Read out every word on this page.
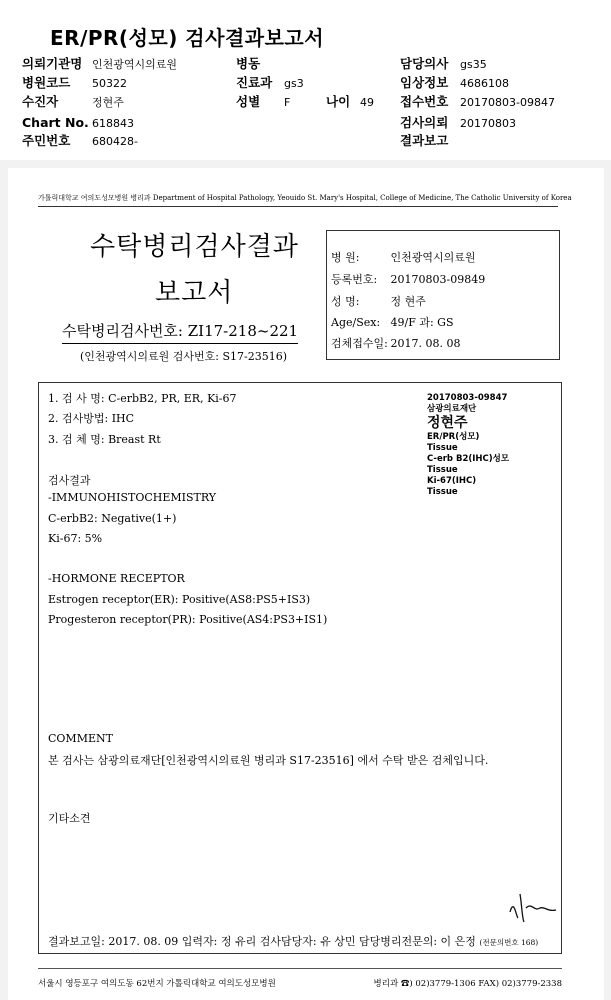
ER/PR(성모) 검사결과보고서
의뢰기관명 인천광역시의료원
병원코드 50322
수진자	정현주
Chart No. 618843
주민번호 680428-
병동
진료과 gs3
성별 F	나이 49
담당의사 gs35
임상정보 4686108
접수번호 20170803-09847
검사의뢰 20170803
결과보고
가톨릭대학교 여의도성모병원 병리과 Department of Hospital Pathology, Yeouido St. Mary's Hospital, College of Medicine, The Catholic University of Korea
수탁병리검사결과
보고서
수탁병리검사번호: ZI17-218~221
(인천광역시의료원 검사번호: S17-23516)
병 원:	인천광역시의료원
등록번호: 20170803-09849
성 명:	정 현주
Age/Sex: 49/F 과: GS
검체접수일: 2017. 08. 08
1. 검 사 명: C-erbB2, PR, ER, Ki-67
2. 검사방법: IHC
3. 검 체 명: Breast Rt
20170803-09847
삼광의료재단
정현주
ER/PR(성모)
Tissue
C-erb B2(IHC)성모
Tissue
Ki-67(IHC)
Tissue
검사결과
-IMMUNOHISTOCHEMISTRY
C-erbB2: Negative(1+)
Ki-67: 5%
-HORMONE RECEPTOR
Estrogen receptor(ER): Positive(AS8:PS5+IS3)
Progesteron receptor(PR): Positive(AS4:PS3+IS1)
COMMENT
본 검사는 삼광의료재단[인천광역시의료원 병리과 S17-23516] 에서 수탁 받은 검체입니다.
기타소견
결과보고일: 2017. 08. 09 입력자: 정 유리 검사담당자: 유 상민 담당병리전문의: 이 은정 (전문의번호 168)
서울시 영등포구 여의도동 62번지 가톨릭대학교 여의도성모병원	병리과 ☎) 02)3779-1306 FAX) 02)3779-2338
